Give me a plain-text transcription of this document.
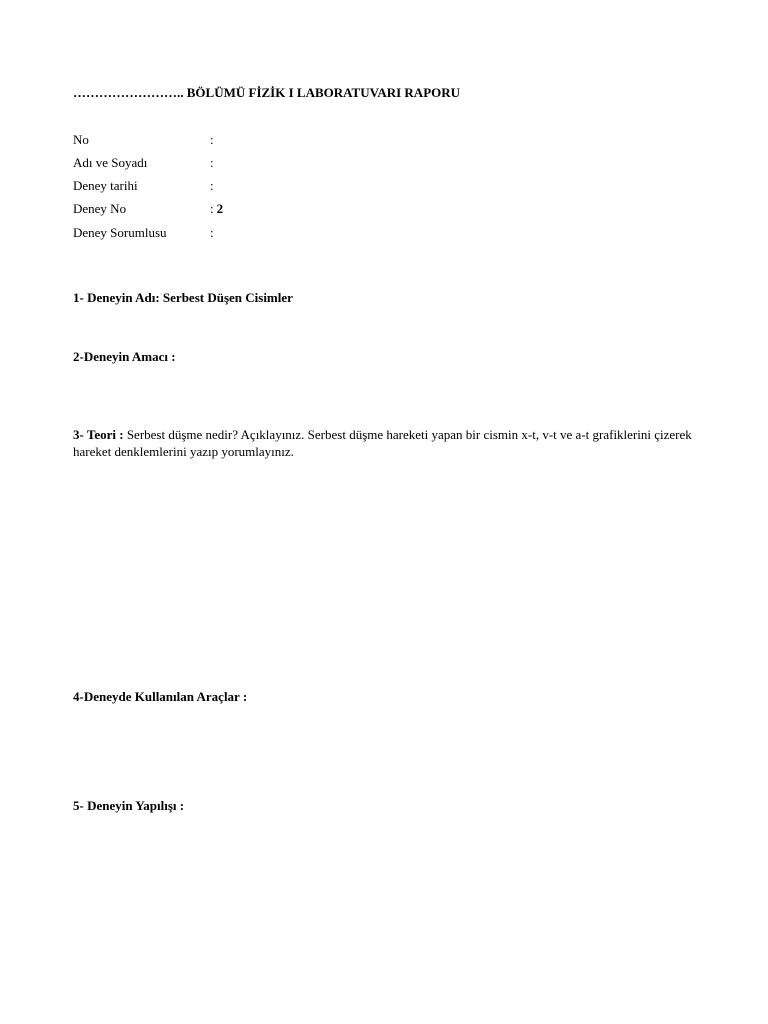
…………………….. BÖLÜMÜ FİZİK I LABORATUVARI RAPORU
No	:
Adı ve Soyadı	:
Deney tarihi	:
Deney No	: 2
Deney Sorumlusu	:
1- Deneyin Adı: Serbest Düşen Cisimler
2-Deneyin Amacı :
3- Teori : Serbest düşme nedir? Açıklayınız. Serbest düşme hareketi yapan bir cismin x-t, v-t ve a-t grafiklerini çizerek hareket denklemlerini yazıp yorumlayınız.
4-Deneyde Kullanılan Araçlar :
5- Deneyin Yapılışı :
